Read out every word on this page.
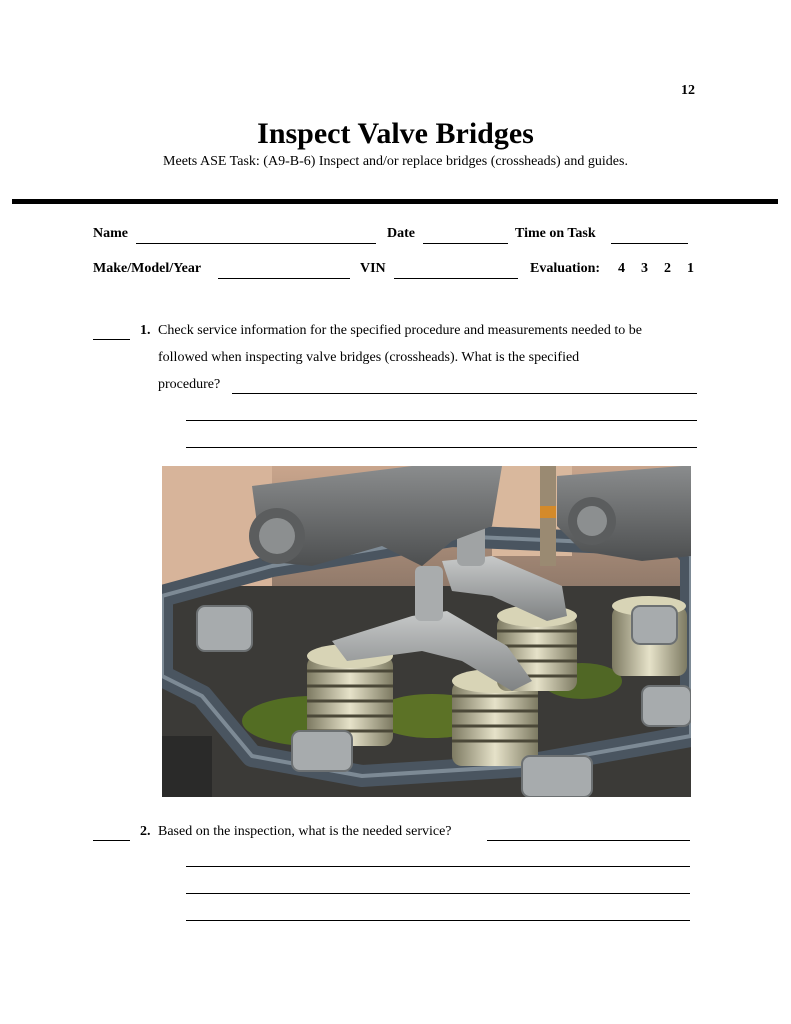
12
Inspect Valve Bridges
Meets ASE Task: (A9-B-6) Inspect and/or replace bridges (crossheads) and guides.
Name	Date	Time on Task
Make/Model/Year	VIN	Evaluation: 4 3 2 1
1. Check service information for the specified procedure and measurements needed to be
followed when inspecting valve bridges (crossheads). What is the specified
procedure?
2. Based on the inspection, what is the needed service?
